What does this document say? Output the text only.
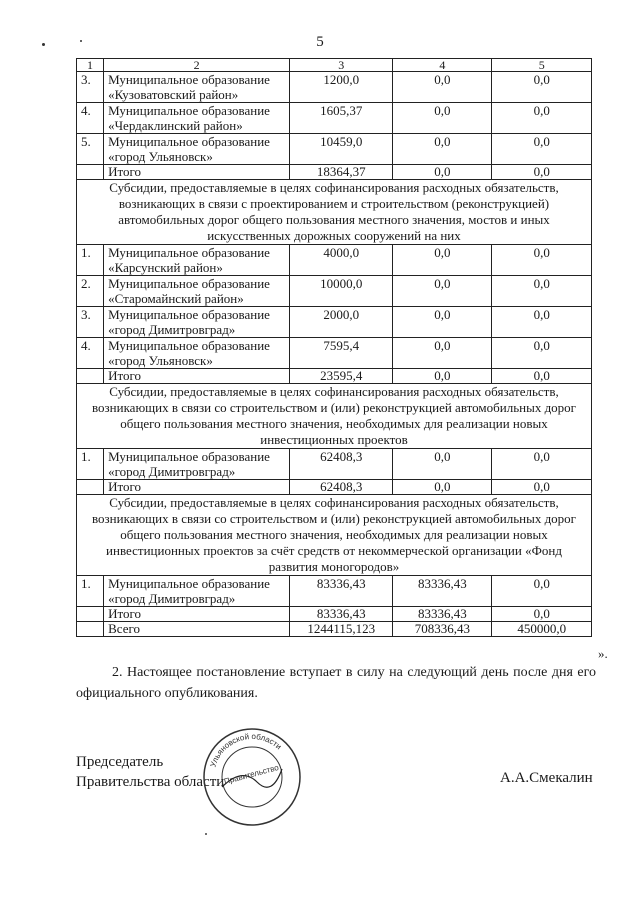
5
1	2	3	4	5
3.	Муниципальное образование «Кузоватовский район»	1200,0	0,0	0,0
4.	Муниципальное образование «Чердаклинский район»	1605,37	0,0	0,0
5.	Муниципальное образование «город Ульяновск»	10459,0	0,0	0,0
	Итого	18364,37	0,0	0,0
Субсидии, предоставляемые в целях софинансирования расходных обязательств, возникающих в связи с проектированием и строительством (реконструкцией) автомобильных дорог общего пользования местного значения, мостов и иных искусственных дорожных сооружений на них				
1.	Муниципальное образование «Карсунский район»	4000,0	0,0	0,0
2.	Муниципальное образование «Старомайнский район»	10000,0	0,0	0,0
3.	Муниципальное образование «город Димитровград»	2000,0	0,0	0,0
4.	Муниципальное образование «город Ульяновск»	7595,4	0,0	0,0
	Итого	23595,4	0,0	0,0
Субсидии, предоставляемые в целях софинансирования расходных обязательств, возникающих в связи со строительством и (или) реконструкцией автомобильных дорог общего пользования местного значения, необходимых для реализации новых инвестиционных проектов				
1.	Муниципальное образование «город Димитровград»	62408,3	0,0	0,0
	Итого	62408,3	0,0	0,0
Субсидии, предоставляемые в целях софинансирования расходных обязательств, возникающих в связи со строительством и (или) реконструкцией автомобильных дорог общего пользования местного значения, необходимых для реализации новых инвестиционных проектов за счёт средств от некоммерческой организации «Фонд развития моногородов»				
1.	Муниципальное образование «город Димитровград»	83336,43	83336,43	0,0
	Итого	83336,43	83336,43	0,0
	Всего	1244115,123	708336,43	450000,0
».
2. Настоящее постановление вступает в силу на следующий день после дня его официального опубликования.
Председатель
Правительства области
Ульяновской области
Правительство	А.А.Смекалин
